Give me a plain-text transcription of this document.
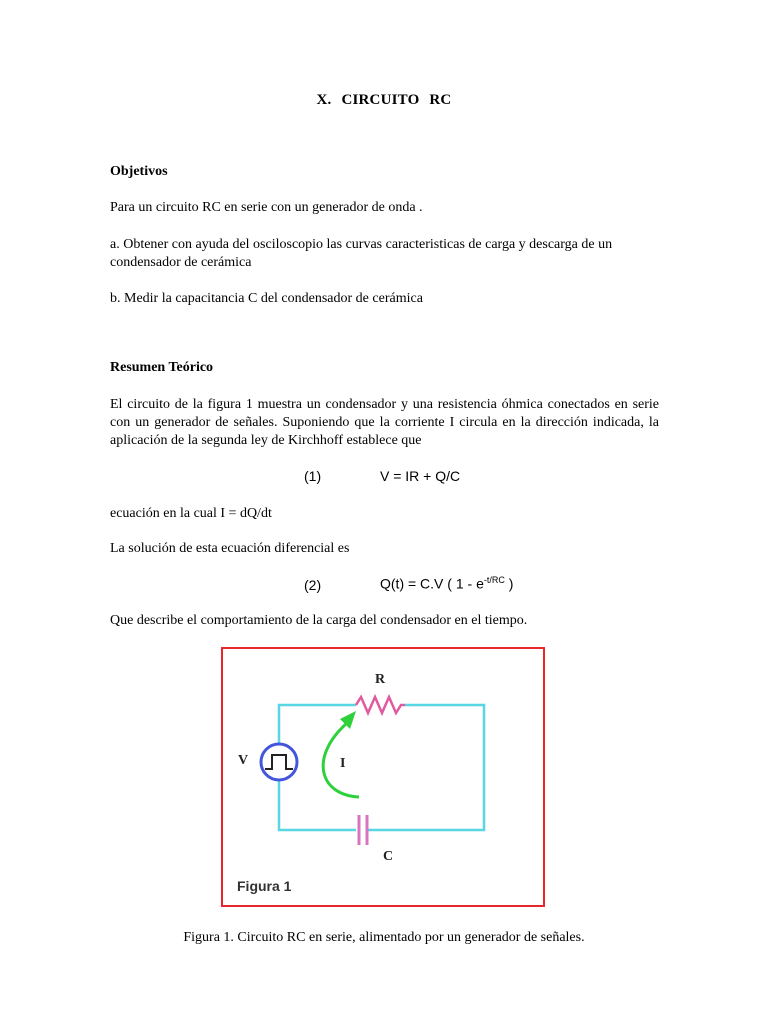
X. CIRCUITO RC
Objetivos
Para un circuito RC en serie con un generador de onda .
a. Obtener con ayuda del osciloscopio las curvas caracteristicas de carga y descarga de un condensador de cerámica
b. Medir la capacitancia C del condensador de cerámica
Resumen Teórico
El circuito de la figura 1 muestra un condensador y una resistencia óhmica conectados en serie con un generador de señales. Suponiendo que la corriente I circula en la dirección indicada, la aplicación de la segunda ley de Kirchhoff establece que
(1)	V = IR + Q/C
ecuación en la cual I = dQ/dt
La solución de esta ecuación diferencial es
(2)	Q(t) = C.V ( $1 - e^{-t/RC}$ )
Que describe el comportamiento de la carga del condensador en el tiempo.
R
V	I
C
Figura 1
Figura 1. Circuito RC en serie, alimentado por un generador de señales.
